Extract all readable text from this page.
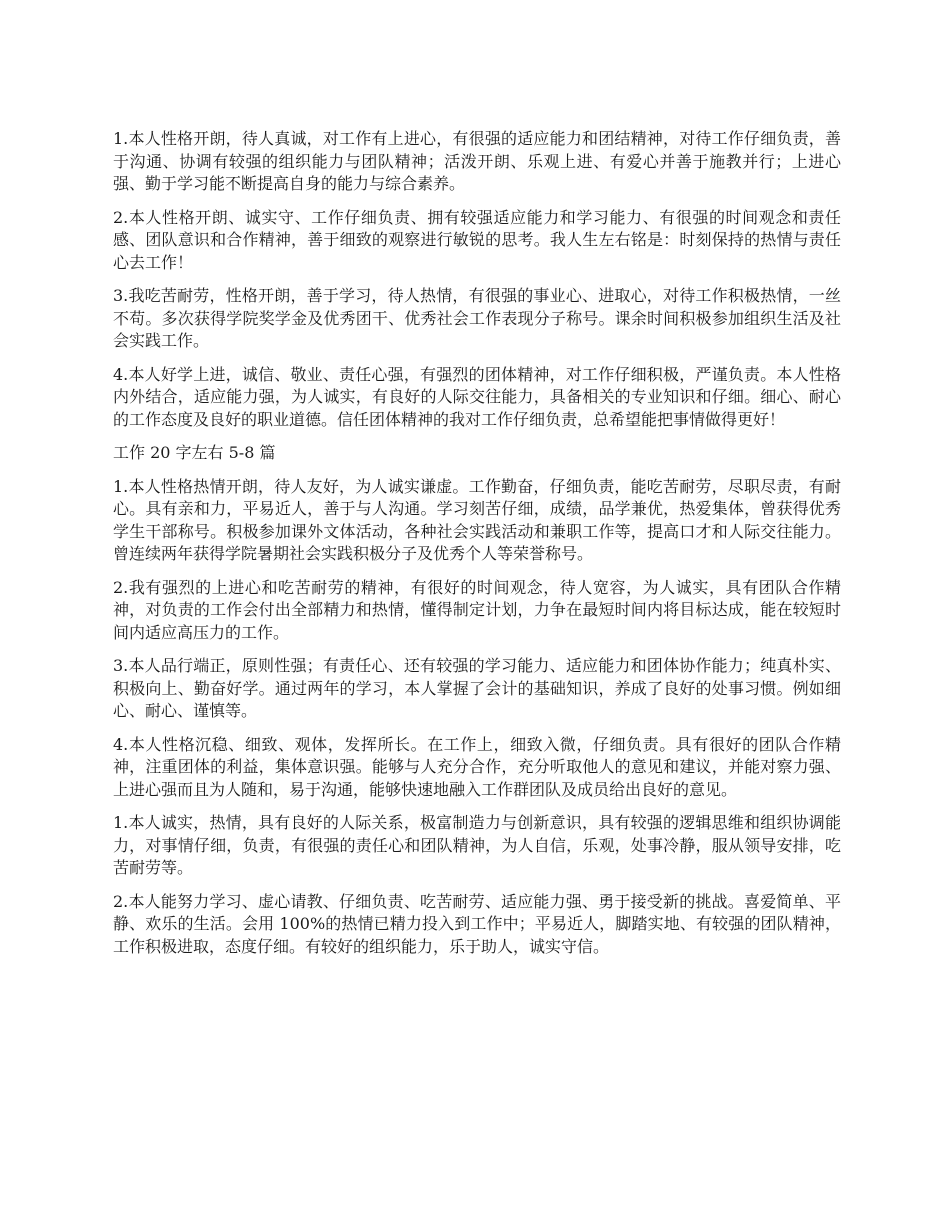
1.本人性格开朗，待人真诚，对工作有上进心，有很强的适应能力和团结精神，对待工作仔细负责，善于沟通、协调有较强的组织能力与团队精神；活泼开朗、乐观上进、有爱心并善于施教并行；上进心强、勤于学习能不断提高自身的能力与综合素养。

2.本人性格开朗、诚实守、工作仔细负责、拥有较强适应能力和学习能力、有很强的时间观念和责任感、团队意识和合作精神，善于细致的观察进行敏锐的思考。我人生左右铭是：时刻保持的热情与责任心去工作！

3.我吃苦耐劳，性格开朗，善于学习，待人热情，有很强的事业心、进取心，对待工作积极热情，一丝不苟。多次获得学院奖学金及优秀团干、优秀社会工作表现分子称号。课余时间积极参加组织生活及社会实践工作。

4.本人好学上进，诚信、敬业、责任心强，有强烈的团体精神，对工作仔细积极，严谨负责。本人性格内外结合，适应能力强，为人诚实，有良好的人际交往能力，具备相关的专业知识和仔细。细心、耐心的工作态度及良好的职业道德。信任团体精神的我对工作仔细负责，总希望能把事情做得更好！

工作 20 字左右 5-8 篇

1.本人性格热情开朗，待人友好，为人诚实谦虚。工作勤奋，仔细负责，能吃苦耐劳，尽职尽责，有耐心。具有亲和力，平易近人，善于与人沟通。学习刻苦仔细，成绩，品学兼优，热爱集体，曾获得优秀学生干部称号。积极参加课外文体活动，各种社会实践活动和兼职工作等，提高口才和人际交往能力。曾连续两年获得学院暑期社会实践积极分子及优秀个人等荣誉称号。

2.我有强烈的上进心和吃苦耐劳的精神，有很好的时间观念，待人宽容，为人诚实，具有团队合作精神，对负责的工作会付出全部精力和热情，懂得制定计划，力争在最短时间内将目标达成，能在较短时间内适应高压力的工作。

3.本人品行端正，原则性强；有责任心、还有较强的学习能力、适应能力和团体协作能力；纯真朴实、积极向上、勤奋好学。通过两年的学习，本人掌握了会计的基础知识，养成了良好的处事习惯。例如细心、耐心、谨慎等。

4.本人性格沉稳、细致、观体，发挥所长。在工作上，细致入微，仔细负责。具有很好的团队合作精神，注重团体的利益，集体意识强。能够与人充分合作，充分听取他人的意见和建议，并能对察力强、上进心强而且为人随和，易于沟通，能够快速地融入工作群团队及成员给出良好的意见。

1.本人诚实，热情，具有良好的人际关系，极富制造力与创新意识，具有较强的逻辑思维和组织协调能力，对事情仔细，负责，有很强的责任心和团队精神，为人自信，乐观，处事冷静，服从领导安排，吃苦耐劳等。

2.本人能努力学习、虚心请教、仔细负责、吃苦耐劳、适应能力强、勇于接受新的挑战。喜爱简单、平静、欢乐的生活。会用 100%的热情已精力投入到工作中；平易近人，脚踏实地、有较强的团队精神，工作积极进取，态度仔细。有较好的组织能力，乐于助人，诚实守信。
